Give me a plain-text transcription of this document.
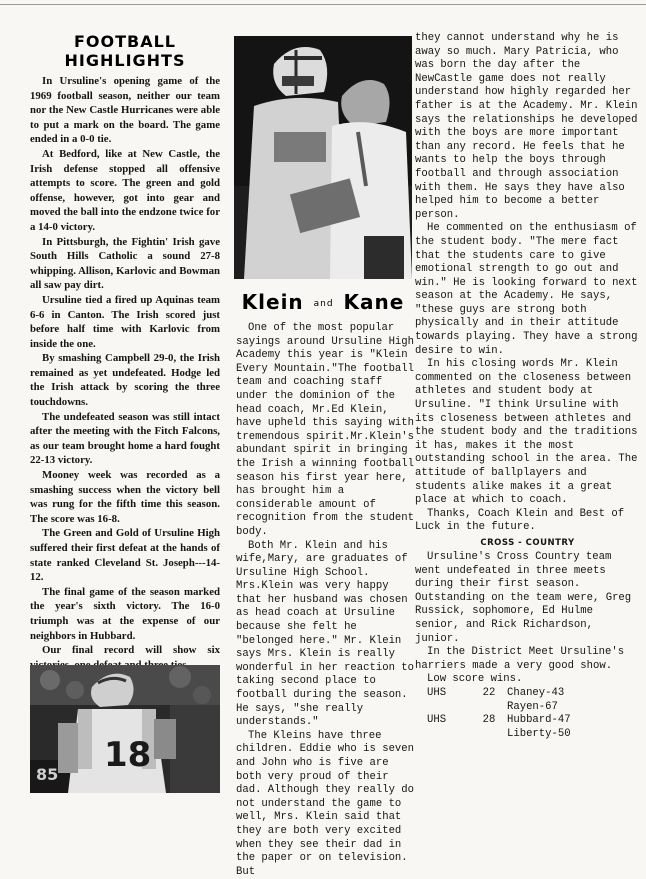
FOOTBALL HIGHLIGHTS

In Ursuline's opening game of the 1969 football season, neither our team nor the New Castle Hurricanes were able to put a mark on the board. The game ended in a 0-0 tie.

At Bedford, like at New Castle, the Irish defense stopped all offensive attempts to score. The green and gold offense, however, got into gear and moved the ball into the endzone twice for a 14-0 victory.

In Pittsburgh, the Fightin' Irish gave South Hills Catholic a sound 27-8 whipping. Allison, Karlovic and Bowman all saw pay dirt.

Ursuline tied a fired up Aquinas team 6-6 in Canton. The Irish scored just before half time with Karlovic from inside the one.

By smashing Campbell 29-0, the Irish remained as yet undefeated. Hodge led the Irish attack by scoring the three touchdowns.

The undefeated season was still intact after the meeting with the Fitch Falcons, as our team brought home a hard fought 22-13 victory.

Mooney week was recorded as a smashing success when the victory bell was rung for the fifth time this season. The score was 16-8.

The Green and Gold of Ursuline High suffered their first defeat at the hands of state ranked Cleveland St. Joseph---14-12.

The final game of the season marked the year's sixth victory. The 16-0 triumph was at the expense of our neighbors in Hubbard.

Our final record will show six

18
85
Klein and Kane

One of the most popular sayings around Ursuline High Academy this year is "Klein Every Mountain."The football team and coaching staff under the dominion of the head coach, Mr.Ed Klein, have upheld this saying with tremendous spirit.Mr.Klein's abundant spirit in bringing the Irish a winning football season his first year here, has brought him a considerable amount of recognition from the student body.

Both Mr. Klein and his wife,Mary, are graduates of Ursuline High School. Mrs.Klein was very happy that her husband was chosen as head coach at Ursuline because she felt he "belonged here." Mr. Klein says Mrs. Klein is really wonderful in her reaction to taking second place to football during the season. He says, "she really understands."

The Kleins have three children. Eddie who is seven and John who is five are both very proud of their dad. Although they really do not understand the game to well, Mrs. Klein said that they are both very excited when they see their dad in the paper or on television. But

they cannot understand why he is away so much. Mary Patricia, who was born the day after the NewCastle game does not really understand how highly regarded her father is at the Academy. Mr. Klein says the relationships he developed with the boys are more important than any record. He feels that he wants to help the boys through football and through association with them. He says they have also helped him to become a better person.

He commented on the enthusiasm of the student body. "The mere fact that the students care to give emotional strength to go out and win." He is looking forward to next season at the Academy. He says, "these guys are strong both physically and in their attitude towards playing. They have a strong desire to win.

In his closing words Mr. Klein commented on the closeness between athletes and student body at Ursuline. "I think Ursuline with its closeness between athletes and the student body and the traditions it has, makes it the most outstanding school in the area. The attitude of ballplayers and students alike makes it a great place at which to coach.

Thanks, Coach Klein and Best of Luck in the future.

CROSS - COUNTRY

Ursuline's Cross Country team went undefeated in three meets during their first season. Outstanding on the team were, Greg Russick, sophomore, Ed Hulme senior, and Rick Richardson, junior.

In the District Meet Ursuline's harriers made a very good show.

Low score wins.

UHS	22	Chaney-43
Rayen-67
UHS	28	Hubbard-47
Liberty-50
